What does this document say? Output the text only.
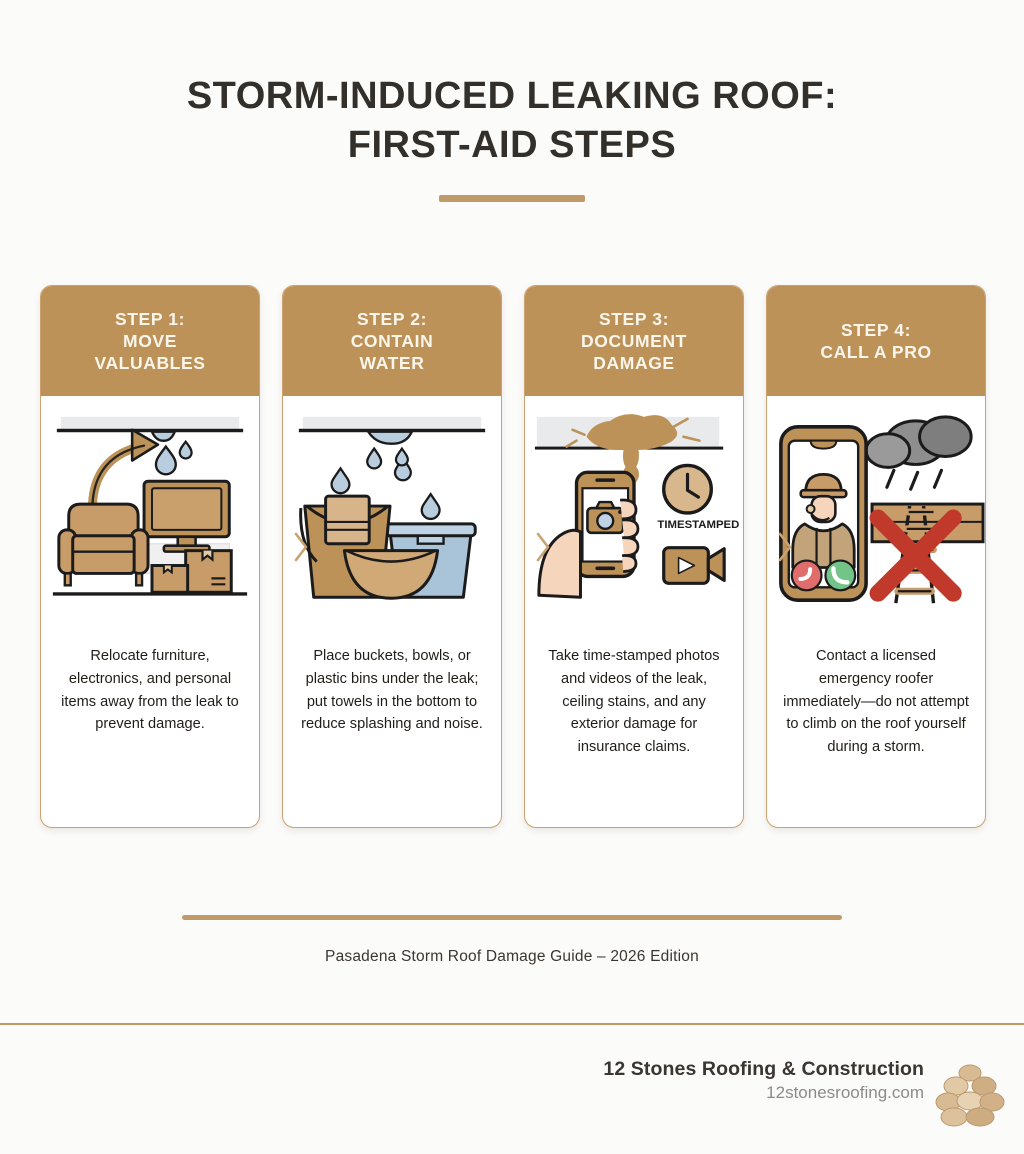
STORM-INDUCED LEAKING ROOF:
FIRST-AID STEPS
STEP 1:
MOVE
VALUABLES
Relocate furniture, electronics, and personal items away from the leak to prevent damage.
STEP 2:
CONTAIN
WATER
Place buckets, bowls, or plastic bins under the leak; put towels in the bottom to reduce splashing and noise.
STEP 3:
DOCUMENT
DAMAGE
TIMESTAMPED
Take time-stamped photos and videos of the leak, ceiling stains, and any exterior damage for insurance claims.
STEP 4:
CALL A PRO
Contact a licensed emergency roofer immediately—do not attempt to climb on the roof yourself during a storm.
Pasadena Storm Roof Damage Guide – 2026 Edition
12 Stones Roofing & Construction
12stonesroofing.com
